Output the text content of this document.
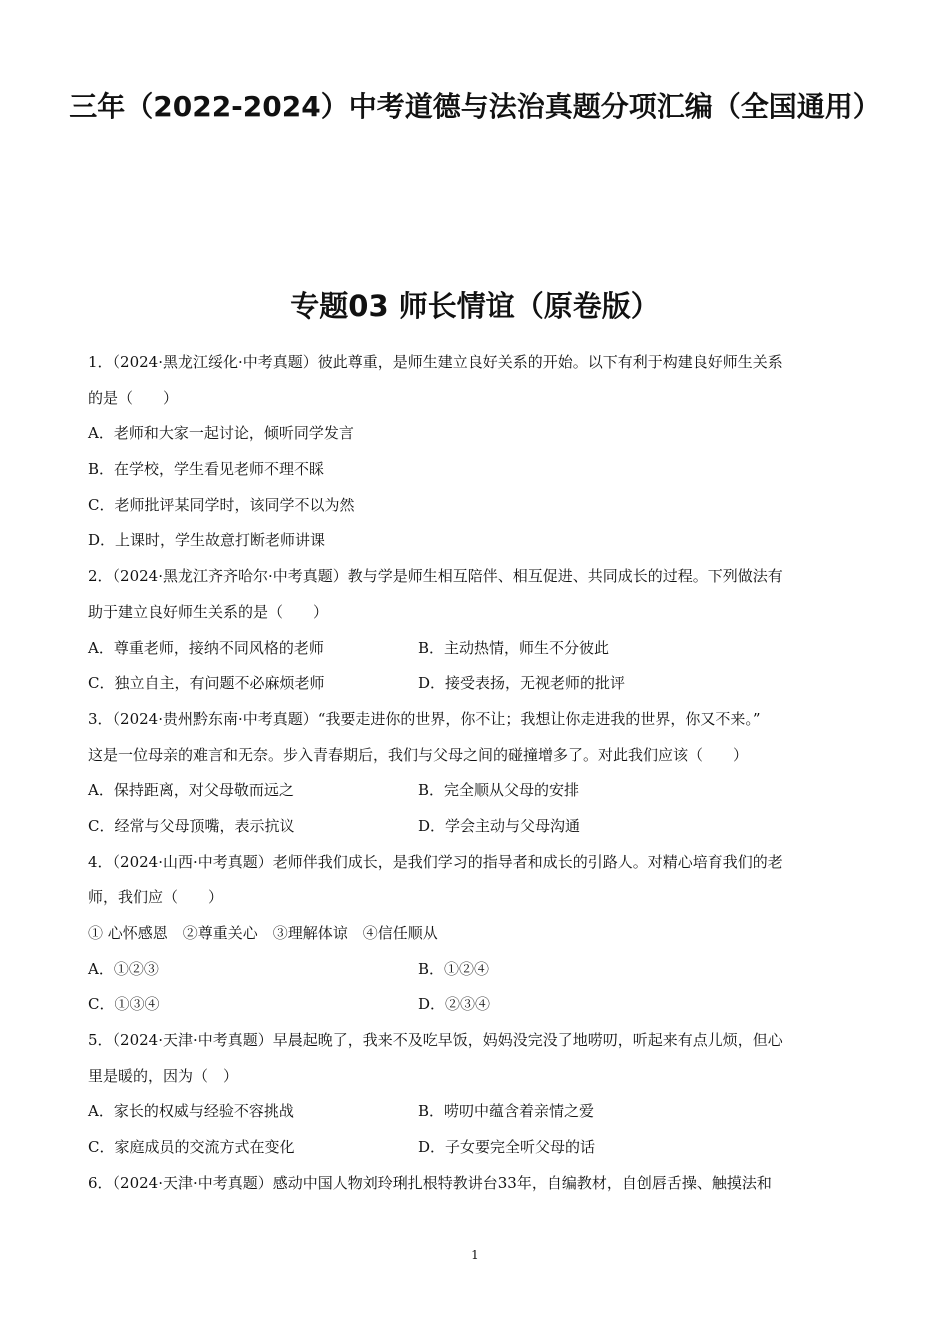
三年（2022-2024）中考道德与法治真题分项汇编（全国通用）
专题03 师长情谊（原卷版）
1．（2024·黑龙江绥化·中考真题）彼此尊重，是师生建立良好关系的开始。以下有利于构建良好师生关系
的是（　　）
A．老师和大家一起讨论，倾听同学发言
B．在学校，学生看见老师不理不睬
C．老师批评某同学时，该同学不以为然
D．上课时，学生故意打断老师讲课
2．（2024·黑龙江齐齐哈尔·中考真题）教与学是师生相互陪伴、相互促进、共同成长的过程。下列做法有
助于建立良好师生关系的是（　　）
A．尊重老师，接纳不同风格的老师	B．主动热情，师生不分彼此
C．独立自主，有问题不必麻烦老师	D．接受表扬，无视老师的批评
3．（2024·贵州黔东南·中考真题）“我要走进你的世界，你不让；我想让你走进我的世界，你又不来。”
这是一位母亲的难言和无奈。步入青春期后，我们与父母之间的碰撞增多了。对此我们应该（　　）
A．保持距离，对父母敬而远之	B．完全顺从父母的安排
C．经常与父母顶嘴，表示抗议	D．学会主动与父母沟通
4．（2024·山西·中考真题）老师伴我们成长，是我们学习的指导者和成长的引路人。对精心培育我们的老
师，我们应（　　）
① 心怀感恩　②尊重关心　③理解体谅　④信任顺从
A．①②③	B．①②④
C．①③④	D．②③④
5．（2024·天津·中考真题）早晨起晚了，我来不及吃早饭，妈妈没完没了地唠叨，听起来有点儿烦，但心
里是暖的，因为（　）
A．家长的权威与经验不容挑战	B．唠叨中蕴含着亲情之爱
C．家庭成员的交流方式在变化	D．子女要完全听父母的话
6．（2024·天津·中考真题）感动中国人物刘玲琍扎根特教讲台33年，自编教材，自创唇舌操、触摸法和
1
